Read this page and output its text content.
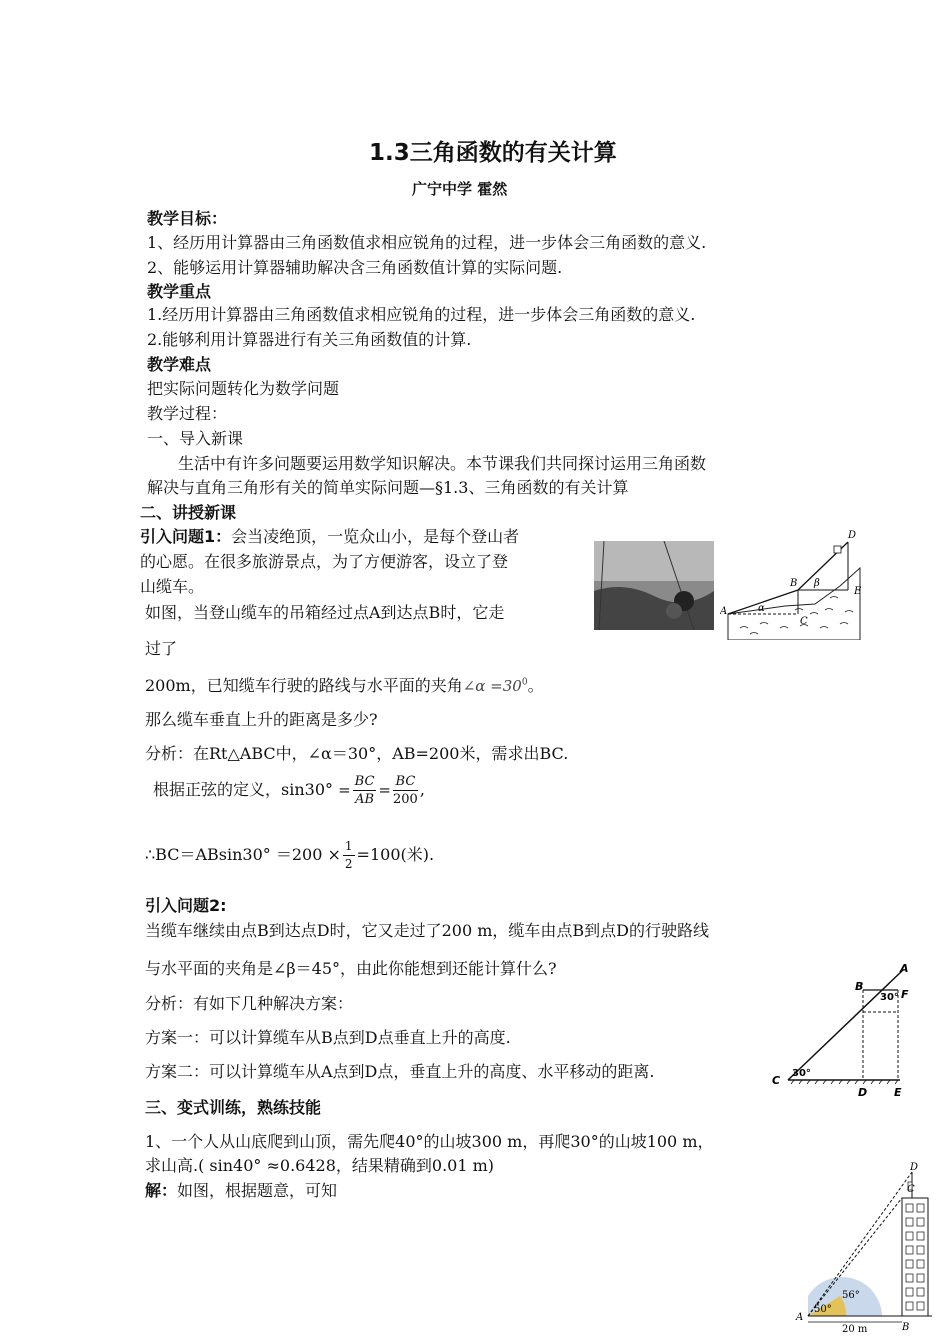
1.3三角函数的有关计算
广宁中学 霍然
教学目标：
1、经历用计算器由三角函数值求相应锐角的过程，进一步体会三角函数的意义.
2、能够运用计算器辅助解决含三角函数值计算的实际问题.
教学重点
1.经历用计算器由三角函数值求相应锐角的过程，进一步体会三角函数的意义.
2.能够利用计算器进行有关三角函数值的计算.
教学难点
把实际问题转化为数学问题
教学过程：
一、导入新课
生活中有许多问题要运用数学知识解决。本节课我们共同探讨运用三角函数
解决与直角三角形有关的简单实际问题—§1.3、三角函数的有关计算
二、讲授新课
引入问题1：会当凌绝顶，一览众山小，是每个登山者
的心愿。在很多旅游景点，为了方便游客，设立了登
山缆车。
如图，当登山缆车的吊箱经过点A到达点B时，它走
过了
200m，已知缆车行驶的路线与水平面的夹角∠α $=30^0$。
那么缆车垂直上升的距离是多少?
分析：在Rt△ABC中，∠α＝30°，AB=200米，需求出BC.
根据正弦的定义，$\sin 30^\circ = \frac{BC}{AB} = \frac{BC}{200}$ ,
∴BC＝ABsin30° $=200 \times \frac{1}{2} =100$(米).
引入问题2:
当缆车继续由点B到达点D时，它又走过了200 m，缆车由点B到点D的行驶路线
与水平面的夹角是∠β＝45°，由此你能想到还能计算什么?
分析：有如下几种解决方案：
方案一：可以计算缆车从B点到D点垂直上升的高度.
方案二：可以计算缆车从A点到D点，垂直上升的高度、水平移动的距离.
三、变式训练，熟练技能
1、一个人从山底爬到山顶，需先爬40°的山坡300 m，再爬30°的山坡100 m，
求山高.( sin40° ≈0.6428，结果精确到0.01 m)
解：如图，根据题意，可知
D
B β
A	α
C
E
A
B
30° F
C
30°
D E
D
C
A
50°
56°
20 m	B
